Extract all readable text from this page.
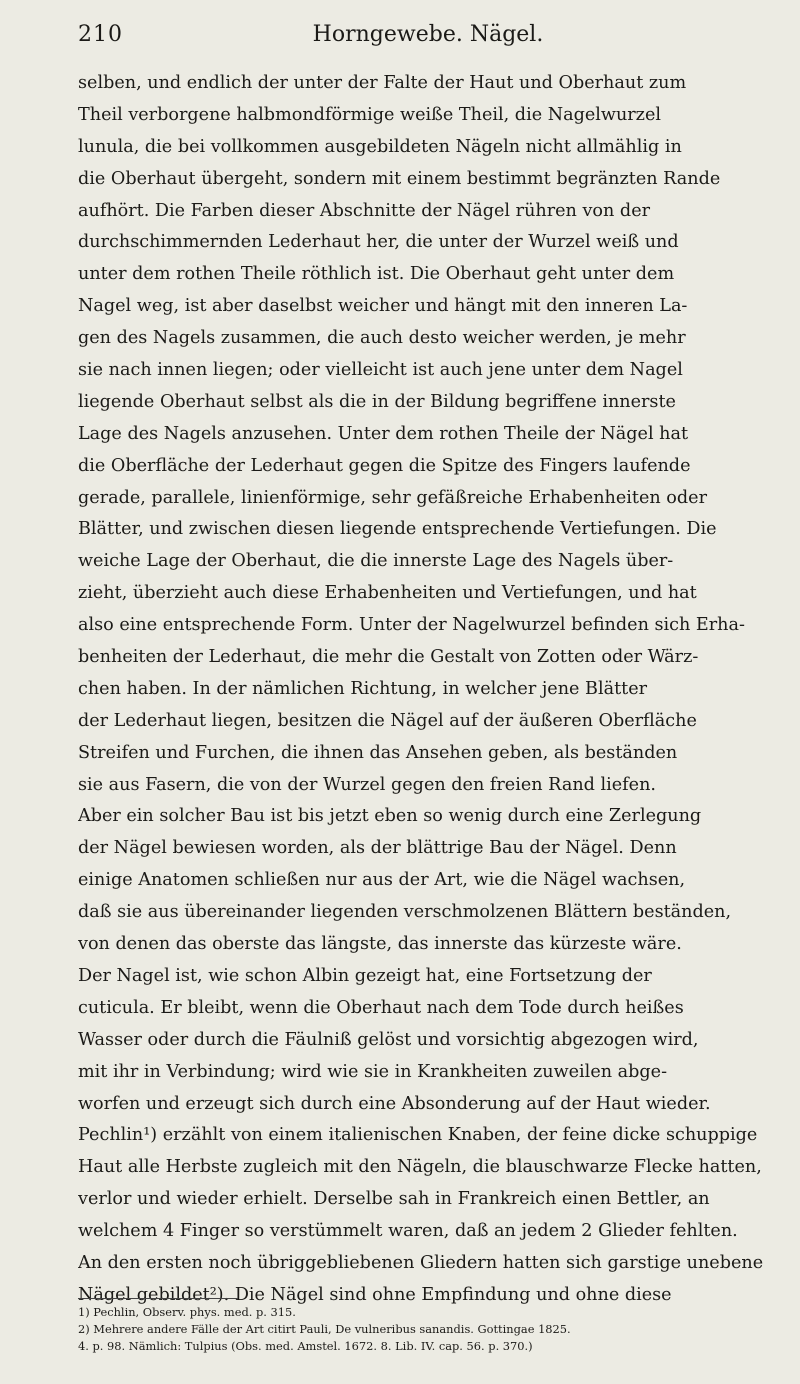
210	Horngewebe. Nägel.
selben, und endlich der unter der Falte der Haut und Oberhaut zum
Theil verborgene halbmondförmige weiße Theil, die Nagelwurzel
lunula, die bei vollkommen ausgebildeten Nägeln nicht allmählig in
die Oberhaut übergeht, sondern mit einem bestimmt begränzten Rande
aufhört. Die Farben dieser Abschnitte der Nägel rühren von der
durchschimmernden Lederhaut her, die unter der Wurzel weiß und
unter dem rothen Theile röthlich ist. Die Oberhaut geht unter dem
Nagel weg, ist aber daselbst weicher und hängt mit den inneren La-
gen des Nagels zusammen, die auch desto weicher werden, je mehr
sie nach innen liegen; oder vielleicht ist auch jene unter dem Nagel
liegende Oberhaut selbst als die in der Bildung begriffene innerste
Lage des Nagels anzusehen. Unter dem rothen Theile der Nägel hat
die Oberfläche der Lederhaut gegen die Spitze des Fingers laufende
gerade, parallele, linienförmige, sehr gefäßreiche Erhabenheiten oder
Blätter, und zwischen diesen liegende entsprechende Vertiefungen. Die
weiche Lage der Oberhaut, die die innerste Lage des Nagels über-
zieht, überzieht auch diese Erhabenheiten und Vertiefungen, und hat
also eine entsprechende Form. Unter der Nagelwurzel befinden sich Erha-
benheiten der Lederhaut, die mehr die Gestalt von Zotten oder Wärz-
chen haben. In der nämlichen Richtung, in welcher jene Blätter
der Lederhaut liegen, besitzen die Nägel auf der äußeren Oberfläche
Streifen und Furchen, die ihnen das Ansehen geben, als beständen
sie aus Fasern, die von der Wurzel gegen den freien Rand liefen.
Aber ein solcher Bau ist bis jetzt eben so wenig durch eine Zerlegung
der Nägel bewiesen worden, als der blättrige Bau der Nägel. Denn
einige Anatomen schließen nur aus der Art, wie die Nägel wachsen,
daß sie aus übereinander liegenden verschmolzenen Blättern beständen,
von denen das oberste das längste, das innerste das kürzeste wäre.
Der Nagel ist, wie schon Albin gezeigt hat, eine Fortsetzung der
cuticula. Er bleibt, wenn die Oberhaut nach dem Tode durch heißes
Wasser oder durch die Fäulniß gelöst und vorsichtig abgezogen wird,
mit ihr in Verbindung; wird wie sie in Krankheiten zuweilen abge-
worfen und erzeugt sich durch eine Absonderung auf der Haut wieder.
Pechlin¹) erzählt von einem italienischen Knaben, der feine dicke schuppige
Haut alle Herbste zugleich mit den Nägeln, die blauschwarze Flecke hatten,
verlor und wieder erhielt. Derselbe sah in Frankreich einen Bettler, an
welchem 4 Finger so verstümmelt waren, daß an jedem 2 Glieder fehlten.
An den ersten noch übriggebliebenen Gliedern hatten sich garstige unebene
Nägel gebildet²). Die Nägel sind ohne Empfindung und ohne diese
1) Pechlin, Observ. phys. med. p. 315.
2) Mehrere andere Fälle der Art citirt Pauli, De vulneribus sanandis. Gottingae 1825.
4. p. 98. Nämlich: Tulpius (Obs. med. Amstel. 1672. 8. Lib. IV. cap. 56. p. 370.)
